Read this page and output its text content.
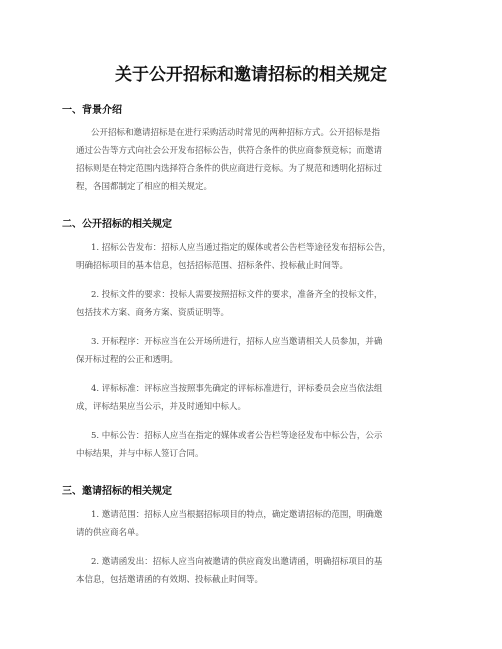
关于公开招标和邀请招标的相关规定
一、背景介绍

公开招标和邀请招标是在进行采购活动时常见的两种招标方式。公开招标是指
通过公告等方式向社会公开发布招标公告，供符合条件的供应商参预竞标；而邀请
招标则是在特定范围内选择符合条件的供应商进行竞标。为了规范和透明化招标过
程，各国都制定了相应的相关规定。

二、公开招标的相关规定

1. 招标公告发布：招标人应当通过指定的媒体或者公告栏等途径发布招标公告，
明确招标项目的基本信息，包括招标范围、招标条件、投标截止时间等。

2. 投标文件的要求：投标人需要按照招标文件的要求，准备齐全的投标文件，
包括技术方案、商务方案、资质证明等。

3. 开标程序：开标应当在公开场所进行，招标人应当邀请相关人员参加，并确
保开标过程的公正和透明。

4. 评标标准：评标应当按照事先确定的评标标准进行，评标委员会应当依法组
成，评标结果应当公示，并及时通知中标人。

5. 中标公告：招标人应当在指定的媒体或者公告栏等途径发布中标公告，公示
中标结果，并与中标人签订合同。

三、邀请招标的相关规定

1. 邀请范围：招标人应当根据招标项目的特点，确定邀请招标的范围，明确邀
请的供应商名单。

2. 邀请函发出：招标人应当向被邀请的供应商发出邀请函，明确招标项目的基
本信息，包括邀请函的有效期、投标截止时间等。
